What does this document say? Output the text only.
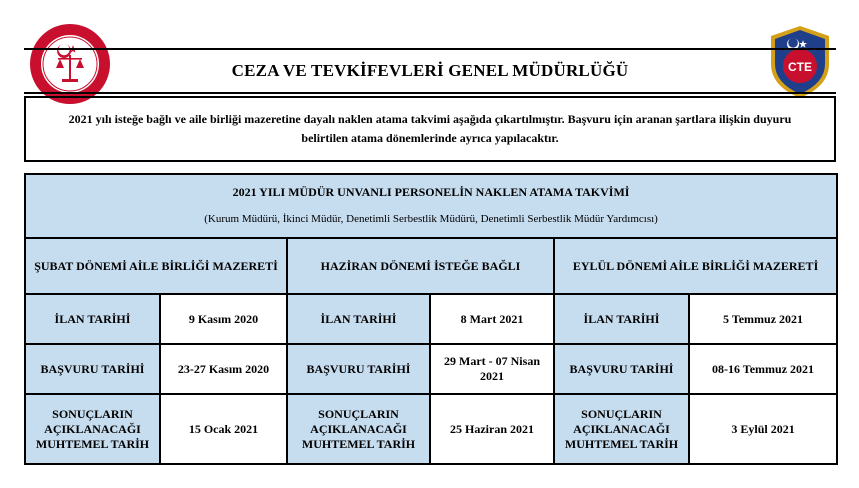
CTE
CEZA VE TEVKİFEVLERİ GENEL MÜDÜRLÜĞÜ
2021 yılı isteğe bağlı ve aile birliği mazeretine dayalı naklen atama takvimi aşağıda çıkartılmıştır. Başvuru için aranan şartlara ilişkin duyuru belirtilen atama dönemlerinde ayrıca yapılacaktır.
2021 YILI MÜDÜR UNVANLI PERSONELİN NAKLEN ATAMA TAKVİMİ
(Kurum Müdürü, İkinci Müdür, Denetimli Serbestlik Müdürü, Denetimli Serbestlik Müdür Yardımcısı)					

ŞUBAT DÖNEMİ AİLE BİRLİĞİ MAZERETİ		HAZİRAN DÖNEMİ İSTEĞE BAĞLI		EYLÜL DÖNEMİ AİLE BİRLİĞİ MAZERETİ	
İLAN TARİHİ	9 Kasım 2020	İLAN TARİHİ	8 Mart 2021	İLAN TARİHİ	5 Temmuz 2021
BAŞVURU TARİHİ	23-27 Kasım 2020	BAŞVURU TARİHİ	29 Mart - 07 Nisan 2021	BAŞVURU TARİHİ	08-16 Temmuz 2021
SONUÇLARIN AÇIKLANACAĞI MUHTEMEL TARİH	15 Ocak 2021	SONUÇLARIN AÇIKLANACAĞI MUHTEMEL TARİH	25 Haziran 2021	SONUÇLARIN AÇIKLANACAĞI MUHTEMEL TARİH	3 Eylül 2021
